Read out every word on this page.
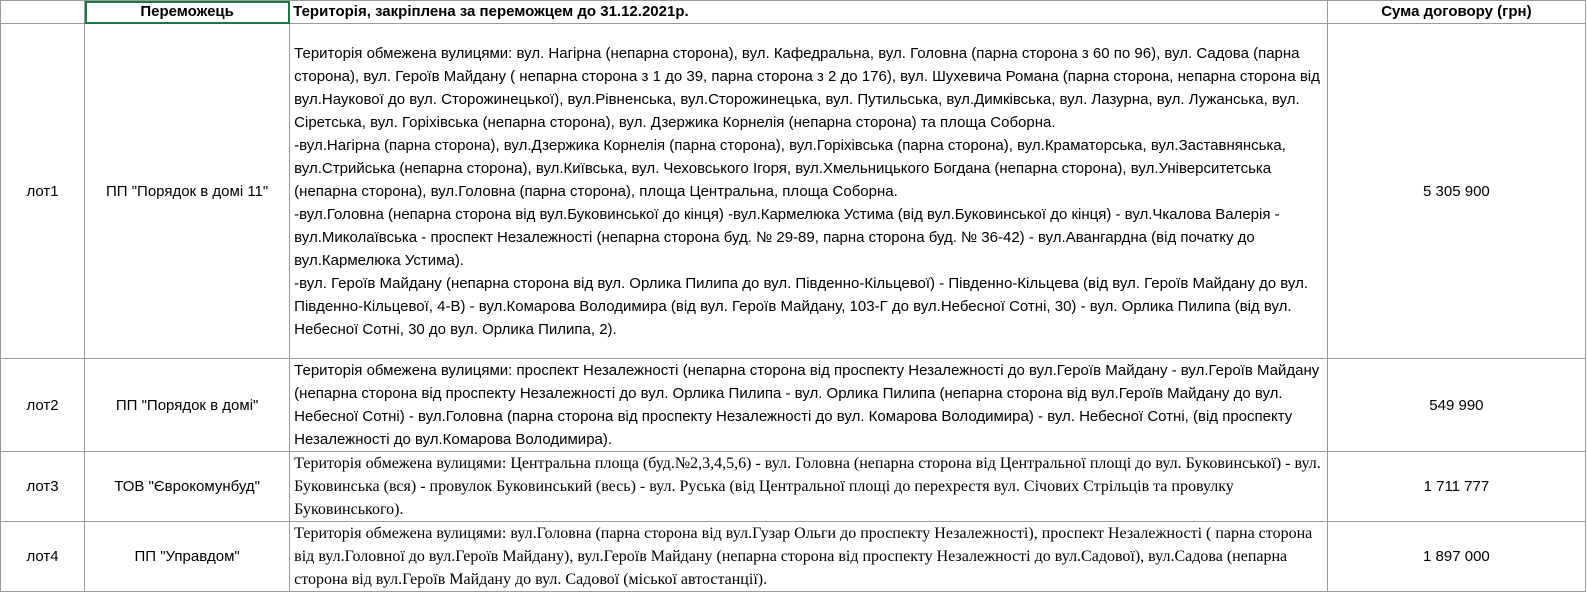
	Переможець	Територія, закріплена за переможцем до 31.12.2021р.	Сума договору (грн)
лот1	ПП "Порядок в домі 11"	Територія обмежена вулицями: вул. Нагірна (непарна сторона), вул. Кафедральна, вул. Головна (парна сторона з 60 по 96), вул. Садова (парна сторона), вул. Героїв Майдану ( непарна сторона з 1 до 39, парна сторона з 2 до 176), вул. Шухевича Романа (парна сторона, непарна сторона від вул.Наукової до вул. Сторожинецької), вул.Рівненська, вул.Сторожинецька, вул. Путильська, вул.Димківська, вул. Лазурна, вул. Лужанська, вул. Сіретська, вул. Горіхівська (непарна сторона), вул. Дзержика Корнелія (непарна сторона) та площа Соборна.
-вул.Нагірна (парна сторона), вул.Дзержика Корнелія (парна сторона), вул.Горіхівська (парна сторона), вул.Краматорська, вул.Заставнянська, вул.Стрийська (непарна сторона), вул.Київська, вул. Чеховського Ігоря, вул.Хмельницького Богдана (непарна сторона), вул.Університетська (непарна сторона), вул.Головна (парна сторона), площа Центральна, площа Соборна.
-вул.Головна (непарна сторона від вул.Буковинської до кінця) -вул.Кармелюка Устима (від вул.Буковинської до кінця) - вул.Чкалова Валерія - вул.Миколаївська - проспект Незалежності (непарна сторона буд. № 29-89, парна сторона буд. № 36-42) - вул.Авангардна (від початку до вул.Кармелюка Устима).
-вул. Героїв Майдану (непарна сторона від вул. Орлика Пилипа до вул. Південно-Кільцевої) - Південно-Кільцева (від вул. Героїв Майдану до вул. Південно-Кільцевої, 4-В) - вул.Комарова Володимира (від вул. Героїв Майдану, 103-Г до вул.Небесної Сотні, 30) - вул. Орлика Пилипа (від вул. Небесної Сотні, 30 до вул. Орлика Пилипа, 2).	5 305 900
лот2	ПП "Порядок в домі"	Територія обмежена вулицями: проспект Незалежності (непарна сторона від проспекту Незалежності до вул.Героїв Майдану - вул.Героїв Майдану (непарна сторона від проспекту Незалежності до вул. Орлика Пилипа - вул. Орлика Пилипа (непарна сторона від вул.Героїв Майдану до вул. Небесної Сотні) - вул.Головна (парна сторона від проспекту Незалежності до вул. Комарова Володимира) - вул. Небесної Сотні, (від проспекту Незалежності до вул.Комарова Володимира).	549 990
лот3	ТОВ "Єврокомунбуд"	Територія обмежена вулицями: Центральна площа (буд.№2,3,4,5,6) - вул. Головна (непарна сторона від Центральної площі до вул. Буковинської) - вул. Буковинська (вся) - провулок Буковинський (весь) - вул. Руська (від Центральної площі до перехрестя вул. Січових Стрільців та провулку Буковинського).	1 711 777
лот4	ПП "Управдом"	Територія обмежена вулицями: вул.Головна (парна сторона від вул.Гузар Ольги до проспекту Незалежності), проспект Незалежності ( парна сторона від вул.Головної до вул.Героїв Майдану), вул.Героїв Майдану (непарна сторона від проспекту Незалежності до вул.Садової), вул.Садова (непарна сторона від вул.Героїв Майдану до вул. Садової (міської автостанції).	1 897 000
